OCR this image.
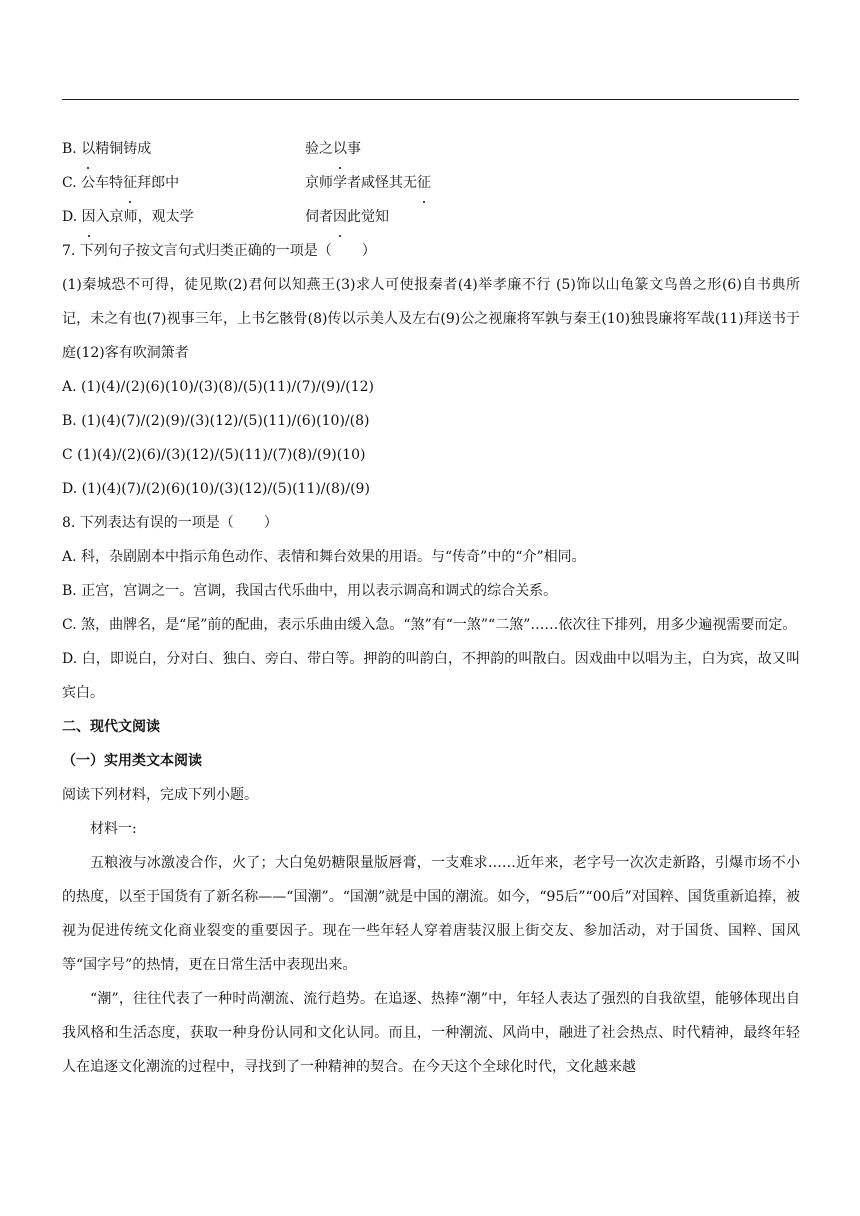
B. 以精铜铸成	验之以事
C. 公车特征拜郎中	京师学者咸怪其无征
D. 因入京师，观太学	伺者因此觉知
7. 下列句子按文言句式归类正确的一项是（ ）
(1)秦城恐不可得，徒见欺(2)君何以知燕王(3)求人可使报秦者(4)举孝廉不行 (5)饰以山龟篆文鸟兽之形(6)自书典所记，未之有也(7)视事三年，上书乞骸骨(8)传以示美人及左右(9)公之视廉将军孰与秦王(10)独畏廉将军哉(11)拜送书于庭(12)客有吹洞箫者
A. (1)(4)/(2)(6)(10)/(3)(8)/(5)(11)/(7)/(9)/(12)
B. (1)(4)(7)/(2)(9)/(3)(12)/(5)(11)/(6)(10)/(8)
C (1)(4)/(2)(6)/(3)(12)/(5)(11)/(7)(8)/(9)(10)
D. (1)(4)(7)/(2)(6)(10)/(3)(12)/(5)(11)/(8)/(9)
8. 下列表达有误的一项是（ ）
A. 科，杂剧剧本中指示角色动作、表情和舞台效果的用语。与“传奇”中的“介”相同。
B. 正宫，宫调之一。宫调，我国古代乐曲中，用以表示调高和调式的综合关系。
C. 煞，曲牌名，是“尾”前的配曲，表示乐曲由缓入急。“煞”有“一煞”“二煞”……依次往下排列，用多少遍视需要而定。
D. 白，即说白，分对白、独白、旁白、带白等。押韵的叫韵白，不押韵的叫散白。因戏曲中以唱为主，白为宾，故又叫宾白。
二、现代文阅读
（一）实用类文本阅读
阅读下列材料，完成下列小题。
材料一:
五粮液与冰激凌合作，火了；大白兔奶糖限量版唇膏，一支难求……近年来，老字号一次次走新路，引爆市场不小的热度，以至于国货有了新名称——“国潮”。“国潮”就是中国的潮流。如今，“95后”“00后”对国粹、国货重新追捧，被视为促进传统文化商业裂变的重要因子。现在一些年轻人穿着唐装汉服上街交友、参加活动，对于国货、国粹、国风等“国字号”的热情，更在日常生活中表现出来。
“潮”，往往代表了一种时尚潮流、流行趋势。在追逐、热捧“潮”中，年轻人表达了强烈的自我欲望，能够体现出自我风格和生活态度，获取一种身份认同和文化认同。而且，一种潮流、风尚中，融进了社会热点、时代精神，最终年轻人在追逐文化潮流的过程中，寻找到了一种精神的契合。在今天这个全球化时代，文化越来越
